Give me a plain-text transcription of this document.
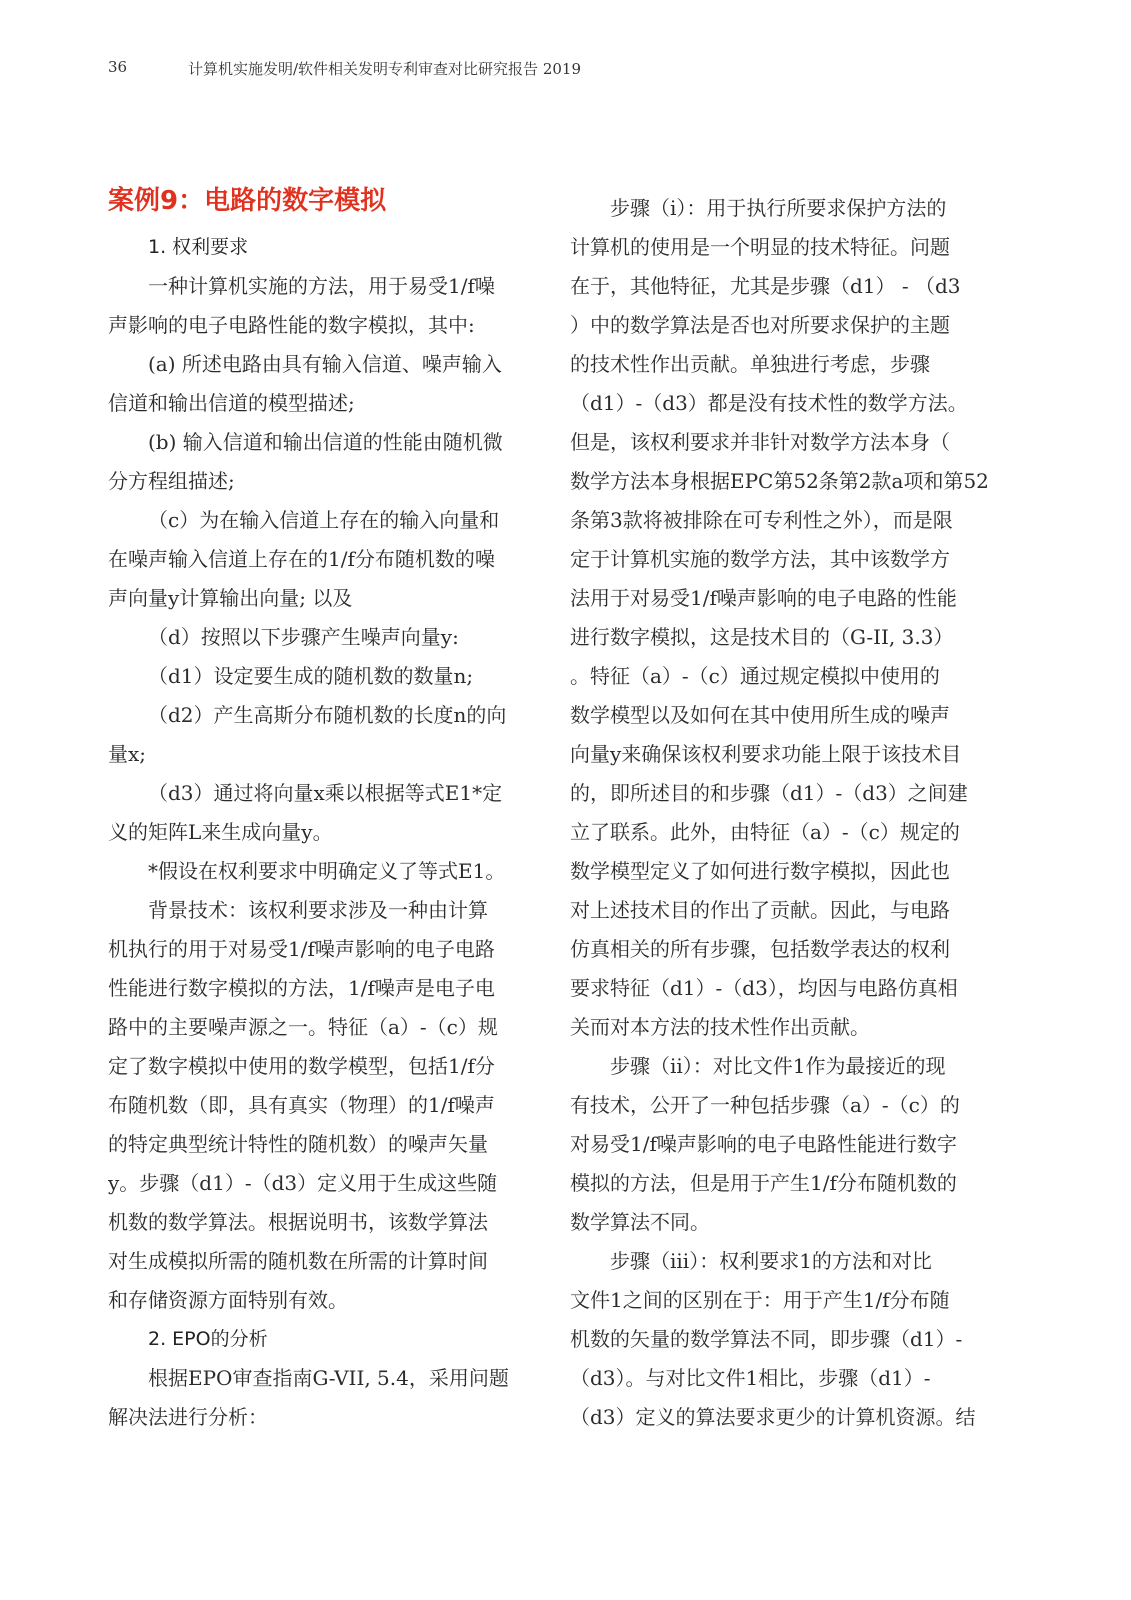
36	计算机实施发明/软件相关发明专利审查对比研究报告 2019
案例9：电路的数字模拟
1. 权利要求
一种计算机实施的方法，用于易受1/f噪
声影响的电子电路性能的数字模拟，其中:
(a) 所述电路由具有输入信道、噪声输入
信道和输出信道的模型描述;
(b) 输入信道和输出信道的性能由随机微
分方程组描述;
（c）为在输入信道上存在的输入向量和
在噪声输入信道上存在的1/f分布随机数的噪
声向量y计算输出向量; 以及
（d）按照以下步骤产生噪声向量y:
（d1）设定要生成的随机数的数量n;
（d2）产生高斯分布随机数的长度n的向
量x;
（d3）通过将向量x乘以根据等式E1*定
义的矩阵L来生成向量y。
*假设在权利要求中明确定义了等式E1。
背景技术：该权利要求涉及一种由计算
机执行的用于对易受1/f噪声影响的电子电路
性能进行数字模拟的方法，1/f噪声是电子电
路中的主要噪声源之一。特征（a）-（c）规
定了数字模拟中使用的数学模型，包括1/f分
布随机数（即，具有真实（物理）的1/f噪声
的特定典型统计特性的随机数）的噪声矢量
y。步骤（d1）-（d3）定义用于生成这些随
机数的数学算法。根据说明书，该数学算法
对生成模拟所需的随机数在所需的计算时间
和存储资源方面特别有效。
2. EPO的分析
根据EPO审查指南G-VII, 5.4，采用问题
解决法进行分析：
步骤（i）：用于执行所要求保护方法的
计算机的使用是一个明显的技术特征。问题
在于，其他特征，尤其是步骤（d1） - （d3
）中的数学算法是否也对所要求保护的主题
的技术性作出贡献。单独进行考虑，步骤
（d1）-（d3）都是没有技术性的数学方法。
但是，该权利要求并非针对数学方法本身（
数学方法本身根据EPC第52条第2款a项和第52
条第3款将被排除在可专利性之外），而是限
定于计算机实施的数学方法，其中该数学方
法用于对易受1/f噪声影响的电子电路的性能
进行数字模拟，这是技术目的（G-II, 3.3）
。特征（a）-（c）通过规定模拟中使用的
数学模型以及如何在其中使用所生成的噪声
向量y来确保该权利要求功能上限于该技术目
的，即所述目的和步骤（d1）-（d3）之间建
立了联系。此外，由特征（a）-（c）规定的
数学模型定义了如何进行数字模拟，因此也
对上述技术目的作出了贡献。因此，与电路
仿真相关的所有步骤，包括数学表达的权利
要求特征（d1）-（d3），均因与电路仿真相
关而对本方法的技术性作出贡献。
步骤（ii）：对比文件1作为最接近的现
有技术，公开了一种包括步骤（a）-（c）的
对易受1/f噪声影响的电子电路性能进行数字
模拟的方法，但是用于产生1/f分布随机数的
数学算法不同。
步骤（iii）：权利要求1的方法和对比
文件1之间的区别在于：用于产生1/f分布随
机数的矢量的数学算法不同，即步骤（d1）-
（d3）。与对比文件1相比，步骤（d1）-
（d3）定义的算法要求更少的计算机资源。结
